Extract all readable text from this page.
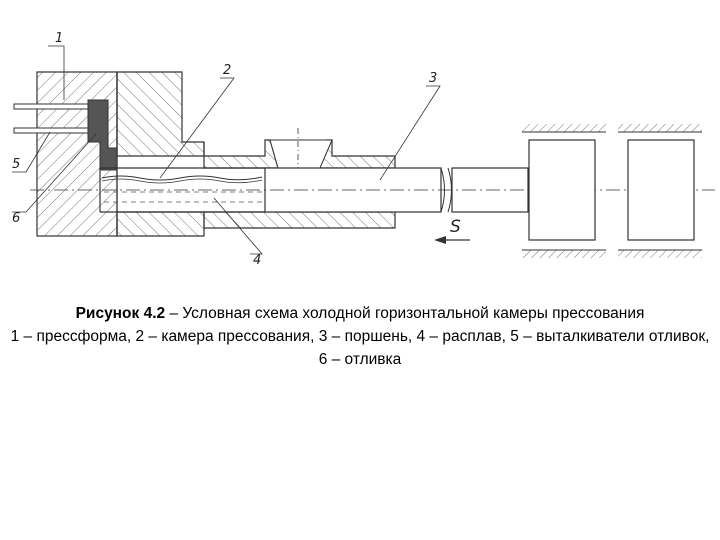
S
1
2
3
4
5
6
Рисунок 4.2 – Условная схема холодной горизонтальной камеры прессования
1 – прессформа, 2 – камера прессования, 3 – поршень, 4 – расплав, 5 – выталкиватели отливок, 6 – отливка
